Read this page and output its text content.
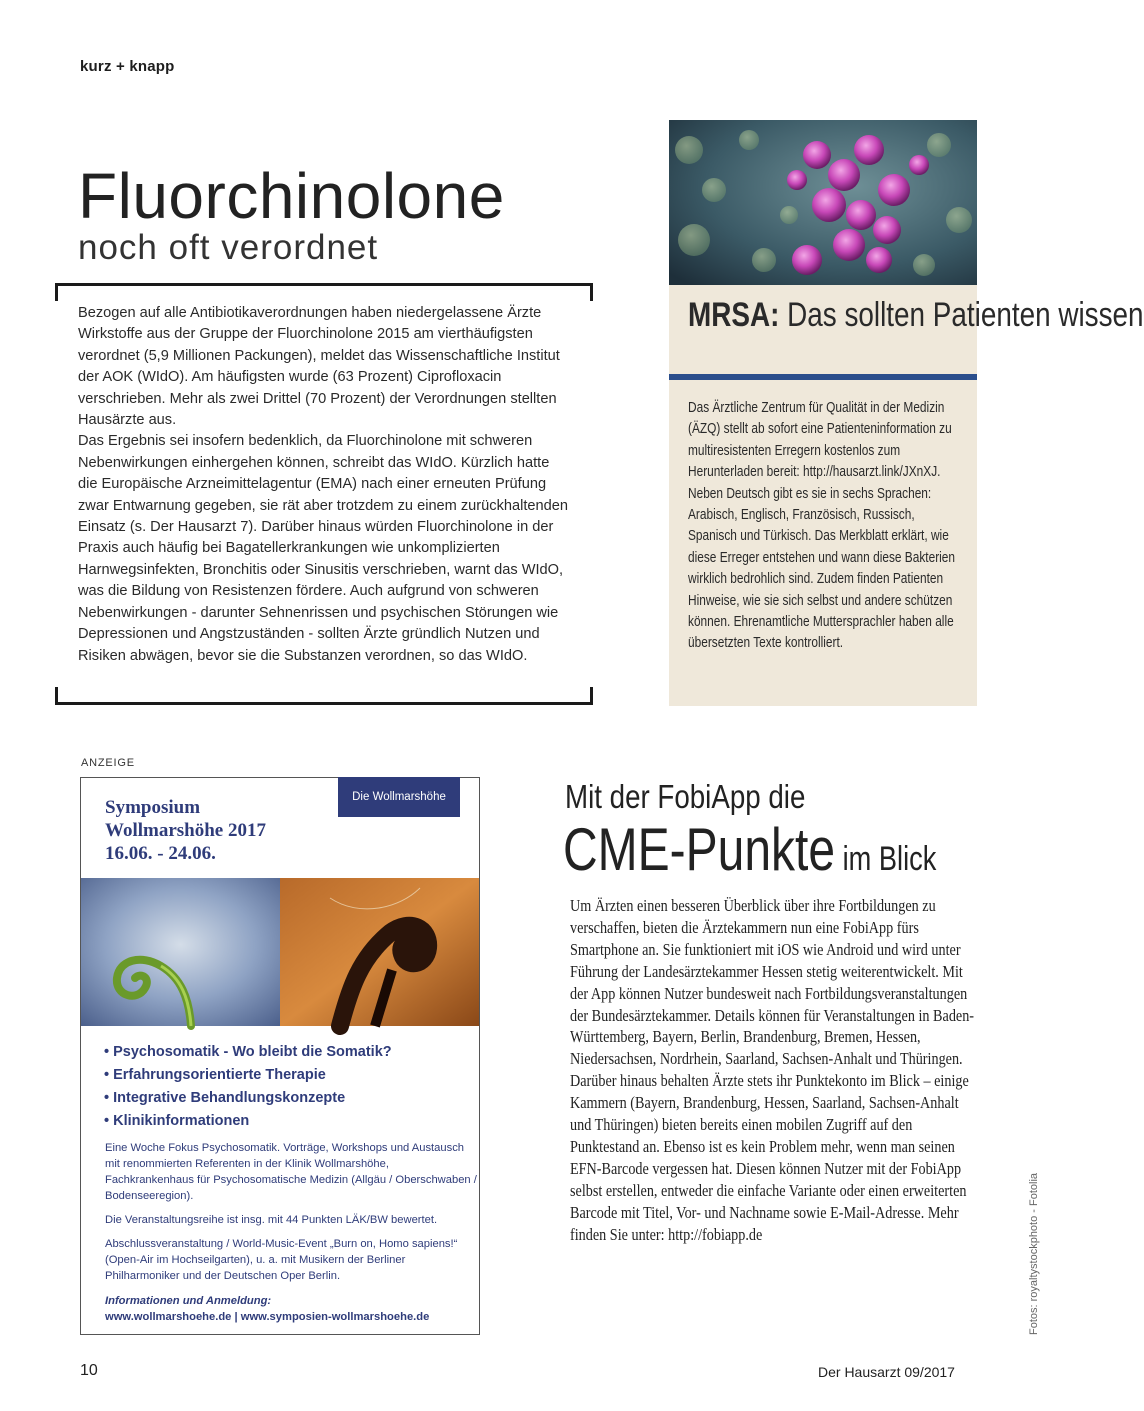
kurz + knapp
Fluorchinolone
noch oft verordnet

Bezogen auf alle Antibiotikaverordnungen haben niedergelassene Ärzte Wirkstoffe aus der Gruppe der Fluorchinolone 2015 am vierthäufigsten verordnet (5,9 Millionen Packungen), meldet das Wissenschaftliche Institut der AOK (WIdO). Am häufigsten wurde (63 Prozent) Ciprofloxacin verschrieben. Mehr als zwei Drittel (70 Prozent) der Verordnungen stellten Hausärzte aus.

Das Ergebnis sei insofern bedenklich, da Fluorchinolone mit schweren Nebenwirkungen einhergehen können, schreibt das WIdO. Kürzlich hatte die Europäische Arzneimittelagentur (EMA) nach einer erneuten Prüfung zwar Entwarnung gegeben, sie rät aber trotzdem zu einem zurückhaltenden Einsatz (s. Der Hausarzt 7). Darüber hinaus würden Fluorchinolone in der Praxis auch häufig bei Bagatellerkrankungen wie unkomplizierten Harnwegsinfekten, Bronchitis oder Sinusitis verschrieben, warnt das WIdO, was die Bildung von Resistenzen fördere. Auch aufgrund von schweren Nebenwirkungen - darunter Sehnenrissen und psychischen Störungen wie Depressionen und Angstzuständen - sollten Ärzte gründlich Nutzen und Risiken abwägen, bevor sie die Substanzen verordnen, so das WIdO.

MRSA: Das sollten Patienten wissen

Das Ärztliche Zentrum für Qualität in der Medizin (ÄZQ) stellt ab sofort eine Patienteninformation zu multiresistenten Erregern kostenlos zum Herunterladen bereit: http://hausarzt.link/JXnXJ. Neben Deutsch gibt es sie in sechs Sprachen: Arabisch, Englisch, Französisch, Russisch, Spanisch und Türkisch. Das Merkblatt erklärt, wie diese Erreger entstehen und wann diese Bakterien wirklich bedrohlich sind. Zudem finden Patienten Hinweise, wie sie sich selbst und andere schützen können. Ehrenamtliche Muttersprachler haben alle übersetzten Texte kontrolliert.

ANZEIGE
Symposium
Wollmarshöhe 2017
16.06. - 24.06.
Die Wollmarshöhe
• Psychosomatik - Wo bleibt die Somatik?
• Erfahrungsorientierte Therapie
• Integrative Behandlungskonzepte
• Klinikinformationen

Eine Woche Fokus Psychosomatik. Vorträge, Workshops und Austausch mit renommierten Referenten in der Klinik Wollmarshöhe, Fachkrankenhaus für Psychosomatische Medizin (Allgäu / Oberschwaben / Bodenseeregion).

Die Veranstaltungsreihe ist insg. mit 44 Punkten LÄK/BW bewertet.

Abschlussveranstaltung / World-Music-Event „Burn on, Homo sapiens!“ (Open-Air im Hochseilgarten), u. a. mit Musikern der Berliner Philharmoniker und der Deutschen Oper Berlin.

Informationen und Anmeldung:
www.wollmarshoehe.de | www.symposien-wollmarshoehe.de
Mit der FobiApp die
CME-Punkte im Blick

Um Ärzten einen besseren Überblick über ihre Fortbildungen zu verschaffen, bieten die Ärztekammern nun eine FobiApp fürs Smartphone an. Sie funktioniert mit iOS wie Android und wird unter Führung der Landesärztekammer Hessen stetig weiterentwickelt. Mit der App können Nutzer bundesweit nach Fortbildungsveranstaltungen der Bundesärztekammer. Details können für Veranstaltungen in Baden-Württemberg, Bayern, Berlin, Brandenburg, Bremen, Hessen, Niedersachsen, Nordrhein, Saarland, Sachsen-Anhalt und Thüringen. Darüber hinaus behalten Ärzte stets ihr Punktekonto im Blick – einige Kammern (Bayern, Brandenburg, Hessen, Saarland, Sachsen-Anhalt und Thüringen) bieten bereits einen mobilen Zugriff auf den Punktestand an. Ebenso ist es kein Problem mehr, wenn man seinen EFN-Barcode vergessen hat. Diesen können Nutzer mit der FobiApp selbst erstellen, entweder die einfache Variante oder einen erweiterten Barcode mit Titel, Vor- und Nachname sowie E-Mail-Adresse. Mehr finden Sie unter: http://fobiapp.de	Fotos: royaltystockphoto - Fotolia
10	Der Hausarzt 09/2017
